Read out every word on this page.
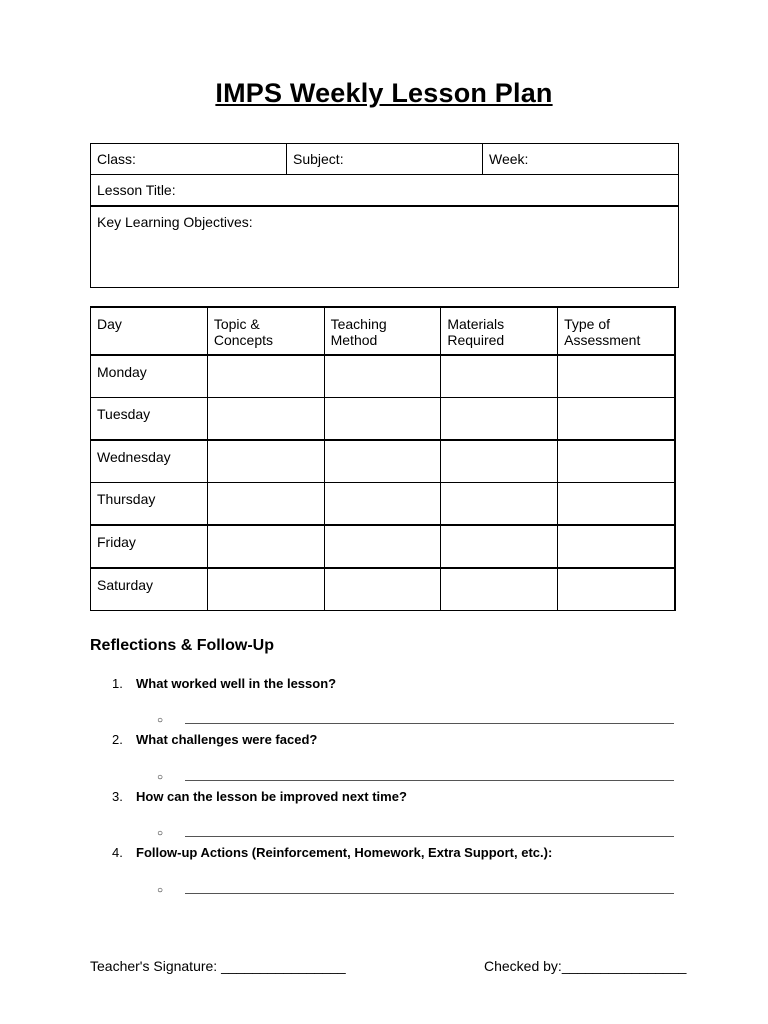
IMPS Weekly Lesson Plan
Class:	Subject:	Week:

Lesson Title:

Key Learning Objectives:
Day	Topic & Concepts	Teaching Method	Materials Required	Type of Assessment

Monday				

Tuesday				

Wednesday				

Thursday				

Friday				

Saturday				

Reflections & Follow-Up
1. What worked well in the lesson?
○
2. What challenges were faced?
○
3. How can the lesson be improved next time?
○
4. Follow-up Actions (Reinforcement, Homework, Extra Support, etc.):
○
Teacher's Signature: ________________	Checked by:________________
